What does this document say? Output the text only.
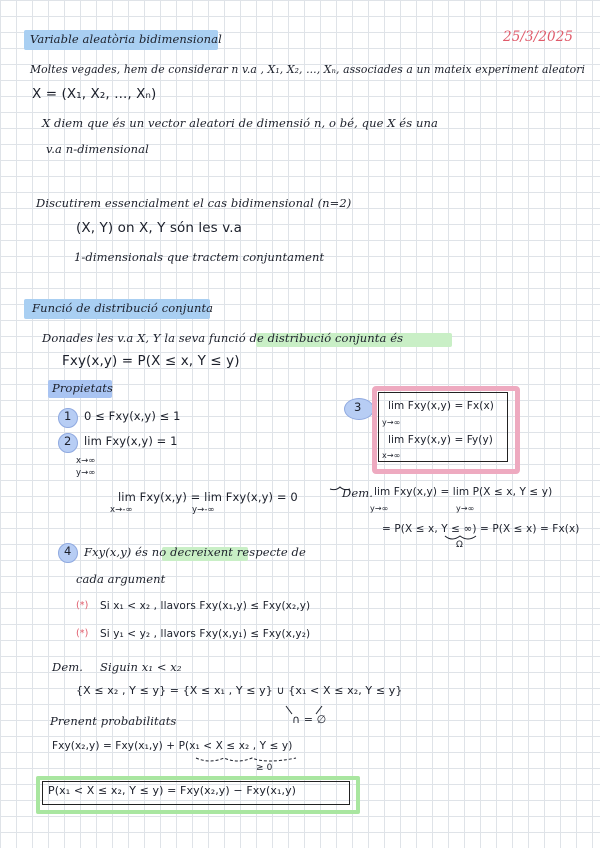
Variable aleatòria bidimensional	25/3/2025
Moltes vegades, hem de considerar n v.a , X₁, X₂, ..., Xₙ, associades a un mateix experiment aleatori
X = (X₁, X₂, ..., Xₙ)
X diem que és un vector aleatori de dimensió n, o bé, que X és una
v.a n-dimensional
Discutirem essencialment el cas bidimensional (n=2)
(X, Y) on X, Y són les v.a
1-dimensionals que tractem conjuntament
Funció de distribució conjunta
Donades les v.a X, Y la seva funció de distribució conjunta és
Fxy(x,y) = P(X ≤ x, Y ≤ y)
Propietats
1 0 ≤ Fxy(x,y) ≤ 1
2 lim Fxy(x,y) = 1
x→∞
y→∞
lim Fxy(x,y) = lim Fxy(x,y) = 0
x→-∞	y→-∞
3	lim Fxy(x,y) = Fx(x)
y→∞
lim Fxy(x,y) = Fy(y)
x→∞
Dem. lim Fxy(x,y) = lim P(X ≤ x, Y ≤ y)
y→∞	y→∞
= P(X ≤ x, Y ≤ ∞) = P(X ≤ x) = Fx(x)
Ω
4 Fxy(x,y) és no decreixent respecte de
cada argument
(*) Si x₁ < x₂ , llavors Fxy(x₁,y) ≤ Fxy(x₂,y)
(*) Si y₁ < y₂ , llavors Fxy(x,y₁) ≤ Fxy(x,y₂)
Dem. Siguin x₁ < x₂
{X ≤ x₂ , Y ≤ y} = {X ≤ x₁ , Y ≤ y} ∪ {x₁ < X ≤ x₂, Y ≤ y}
∩ = ∅
Prenent probabilitats
Fxy(x₂,y) = Fxy(x₁,y) + P(x₁ < X ≤ x₂ , Y ≤ y)
≥ 0
P(x₁ < X ≤ x₂, Y ≤ y) = Fxy(x₂,y) − Fxy(x₁,y)
